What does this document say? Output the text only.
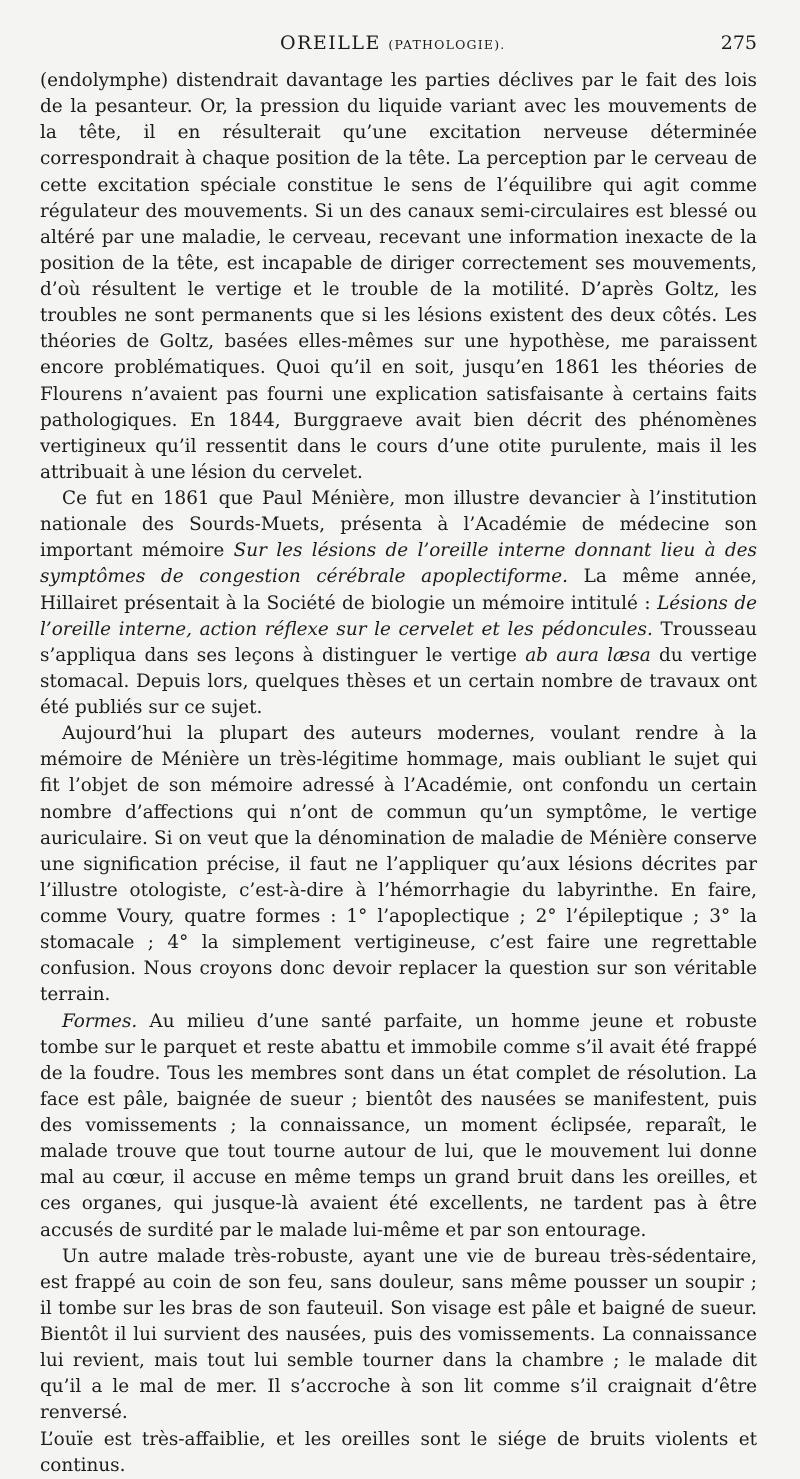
OREILLE (PATHOLOGIE).	275

(endolymphe) distendrait davantage les parties déclives par le fait des lois de la pesanteur. Or, la pression du liquide variant avec les mouvements de la tête, il en résulterait qu’une excitation nerveuse déterminée correspondrait à chaque position de la tête. La perception par le cerveau de cette excitation spéciale constitue le sens de l’équilibre qui agit comme régulateur des mouvements. Si un des canaux semi-circulaires est blessé ou altéré par une maladie, le cerveau, recevant une information inexacte de la position de la tête, est incapable de diriger correctement ses mouvements, d’où résultent le vertige et le trouble de la motilité. D’après Goltz, les troubles ne sont permanents que si les lésions existent des deux côtés. Les théories de Goltz, basées elles-mêmes sur une hypothèse, me paraissent encore problématiques. Quoi qu’il en soit, jusqu’en 1861 les théories de Flourens n’avaient pas fourni une explication satisfaisante à certains faits pathologiques. En 1844, Burggraeve avait bien décrit des phénomènes vertigineux qu’il ressentit dans le cours d’une otite purulente, mais il les attribuait à une lésion du cervelet.

Ce fut en 1861 que Paul Ménière, mon illustre devancier à l’institution nationale des Sourds-Muets, présenta à l’Académie de médecine son important mémoire Sur les lésions de l’oreille interne donnant lieu à des symptômes de congestion cérébrale apoplectiforme. La même année, Hillairet présentait à la Société de biologie un mémoire intitulé : Lésions de l’oreille interne, action réflexe sur le cervelet et les pédoncules. Trousseau s’appliqua dans ses leçons à distinguer le vertige ab aura læsa du vertige stomacal. Depuis lors, quelques thèses et un certain nombre de travaux ont été publiés sur ce sujet.

Aujourd’hui la plupart des auteurs modernes, voulant rendre à la mémoire de Ménière un très-légitime hommage, mais oubliant le sujet qui fit l’objet de son mémoire adressé à l’Académie, ont confondu un certain nombre d’affections qui n’ont de commun qu’un symptôme, le vertige auriculaire. Si on veut que la dénomination de maladie de Ménière conserve une signification précise, il faut ne l’appliquer qu’aux lésions décrites par l’illustre otologiste, c’est-à-dire à l’hémorrhagie du labyrinthe. En faire, comme Voury, quatre formes : 1° l’apoplectique ; 2° l’épileptique ; 3° la stomacale ; 4° la simplement vertigineuse, c’est faire une regrettable confusion. Nous croyons donc devoir replacer la question sur son véritable terrain.

Formes. Au milieu d’une santé parfaite, un homme jeune et robuste tombe sur le parquet et reste abattu et immobile comme s’il avait été frappé de la foudre. Tous les membres sont dans un état complet de résolution. La face est pâle, baignée de sueur ; bientôt des nausées se manifestent, puis des vomissements ; la connaissance, un moment éclipsée, reparaît, le malade trouve que tout tourne autour de lui, que le mouvement lui donne mal au cœur, il accuse en même temps un grand bruit dans les oreilles, et ces organes, qui jusque-là avaient été excellents, ne tardent pas à être accusés de surdité par le malade lui-même et par son entourage.

Un autre malade très-robuste, ayant une vie de bureau très-sédentaire, est frappé au coin de son feu, sans douleur, sans même pousser un soupir ; il tombe sur les bras de son fauteuil. Son visage est pâle et baigné de sueur. Bientôt il lui survient des nausées, puis des vomissements. La connaissance lui revient, mais tout lui semble tourner dans la chambre ; le malade dit qu’il a le mal de mer. Il s’accroche à son lit comme s’il craignait d’être renversé.

L’ouïe est très-affaiblie, et les oreilles sont le siége de bruits violents et continus.
